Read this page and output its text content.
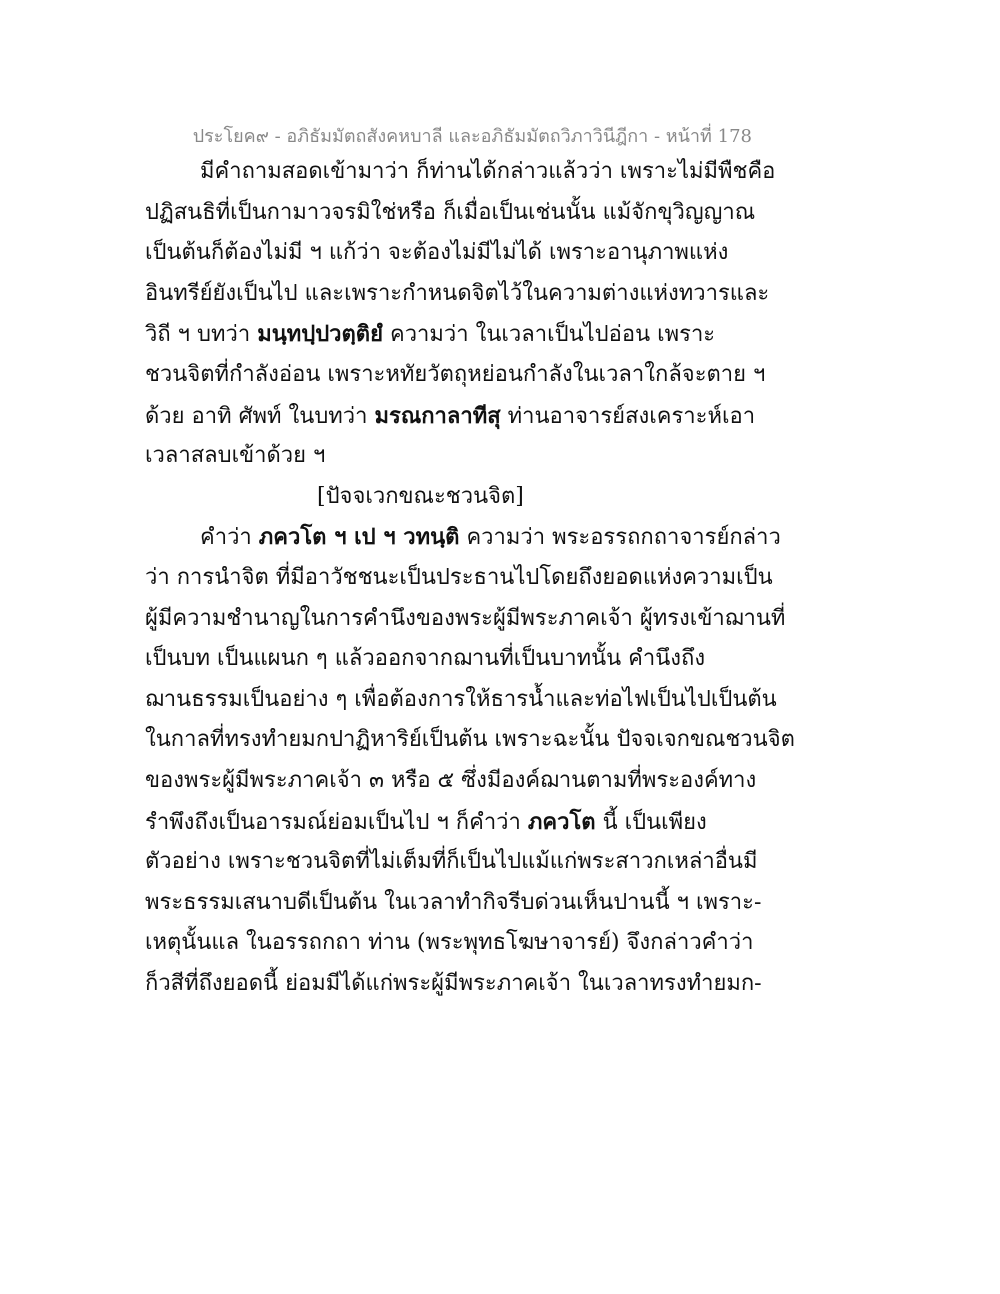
ประโยค๙ - อภิธัมมัตถสังคหบาลี และอภิธัมมัตถวิภาวินีฎีกา - หน้าที่ 178
มีคำถามสอดเข้ามาว่า ก็ท่านได้กล่าวแล้วว่า เพราะไม่มีพืชคือ
ปฏิสนธิที่เป็นกามาวจรมิใช่หรือ ก็เมื่อเป็นเช่นนั้น แม้จักขุวิญญาณ
เป็นต้นก็ต้องไม่มี ฯ แก้ว่า จะต้องไม่มีไม่ได้ เพราะอานุภาพแห่ง
อินทรีย์ยังเป็นไป และเพราะกำหนดจิตไว้ในความต่างแห่งทวารและ
วิถี ฯ บทว่า มนฺทปฺปวตฺติยํ ความว่า ในเวลาเป็นไปอ่อน เพราะ
ชวนจิตที่กำลังอ่อน เพราะหทัยวัตถุหย่อนกำลังในเวลาใกล้จะตาย ฯ
ด้วย อาทิ ศัพท์ ในบทว่า มรณกาลาทีสุ ท่านอาจารย์สงเคราะห์เอา
เวลาสลบเข้าด้วย ฯ
[ปัจจเวกขณะชวนจิต]
คำว่า ภควโต ฯ เป ฯ วทนฺติ ความว่า พระอรรถกถาจารย์กล่าว
ว่า การนำจิต ที่มีอาวัชชนะเป็นประธานไปโดยถึงยอดแห่งความเป็น
ผู้มีความชำนาญในการคำนึงของพระผู้มีพระภาคเจ้า ผู้ทรงเข้าฌานที่
เป็นบท เป็นแผนก ๆ แล้วออกจากฌานที่เป็นบาทนั้น คำนึงถึง
ฌานธรรมเป็นอย่าง ๆ เพื่อต้องการให้ธารน้ำและท่อไฟเป็นไปเป็นต้น
ในกาลที่ทรงทำยมกปาฏิหาริย์เป็นต้น เพราะฉะนั้น ปัจจเจกขณชวนจิต
ของพระผู้มีพระภาคเจ้า ๓ หรือ ๕ ซึ่งมีองค์ฌานตามที่พระองค์ทาง
รำพึงถึงเป็นอารมณ์ย่อมเป็นไป ฯ ก็คำว่า ภควโต นี้ เป็นเพียง
ตัวอย่าง เพราะชวนจิตที่ไม่เต็มที่ก็เป็นไปแม้แก่พระสาวกเหล่าอื่นมี
พระธรรมเสนาบดีเป็นต้น ในเวลาทำกิจรีบด่วนเห็นปานนี้ ฯ เพราะ-
เหตุนั้นแล ในอรรถกถา ท่าน (พระพุทธโฆษาจารย์) จึงกล่าวคำว่า
ก็วสีที่ถึงยอดนี้ ย่อมมีได้แก่พระผู้มีพระภาคเจ้า ในเวลาทรงทำยมก-
